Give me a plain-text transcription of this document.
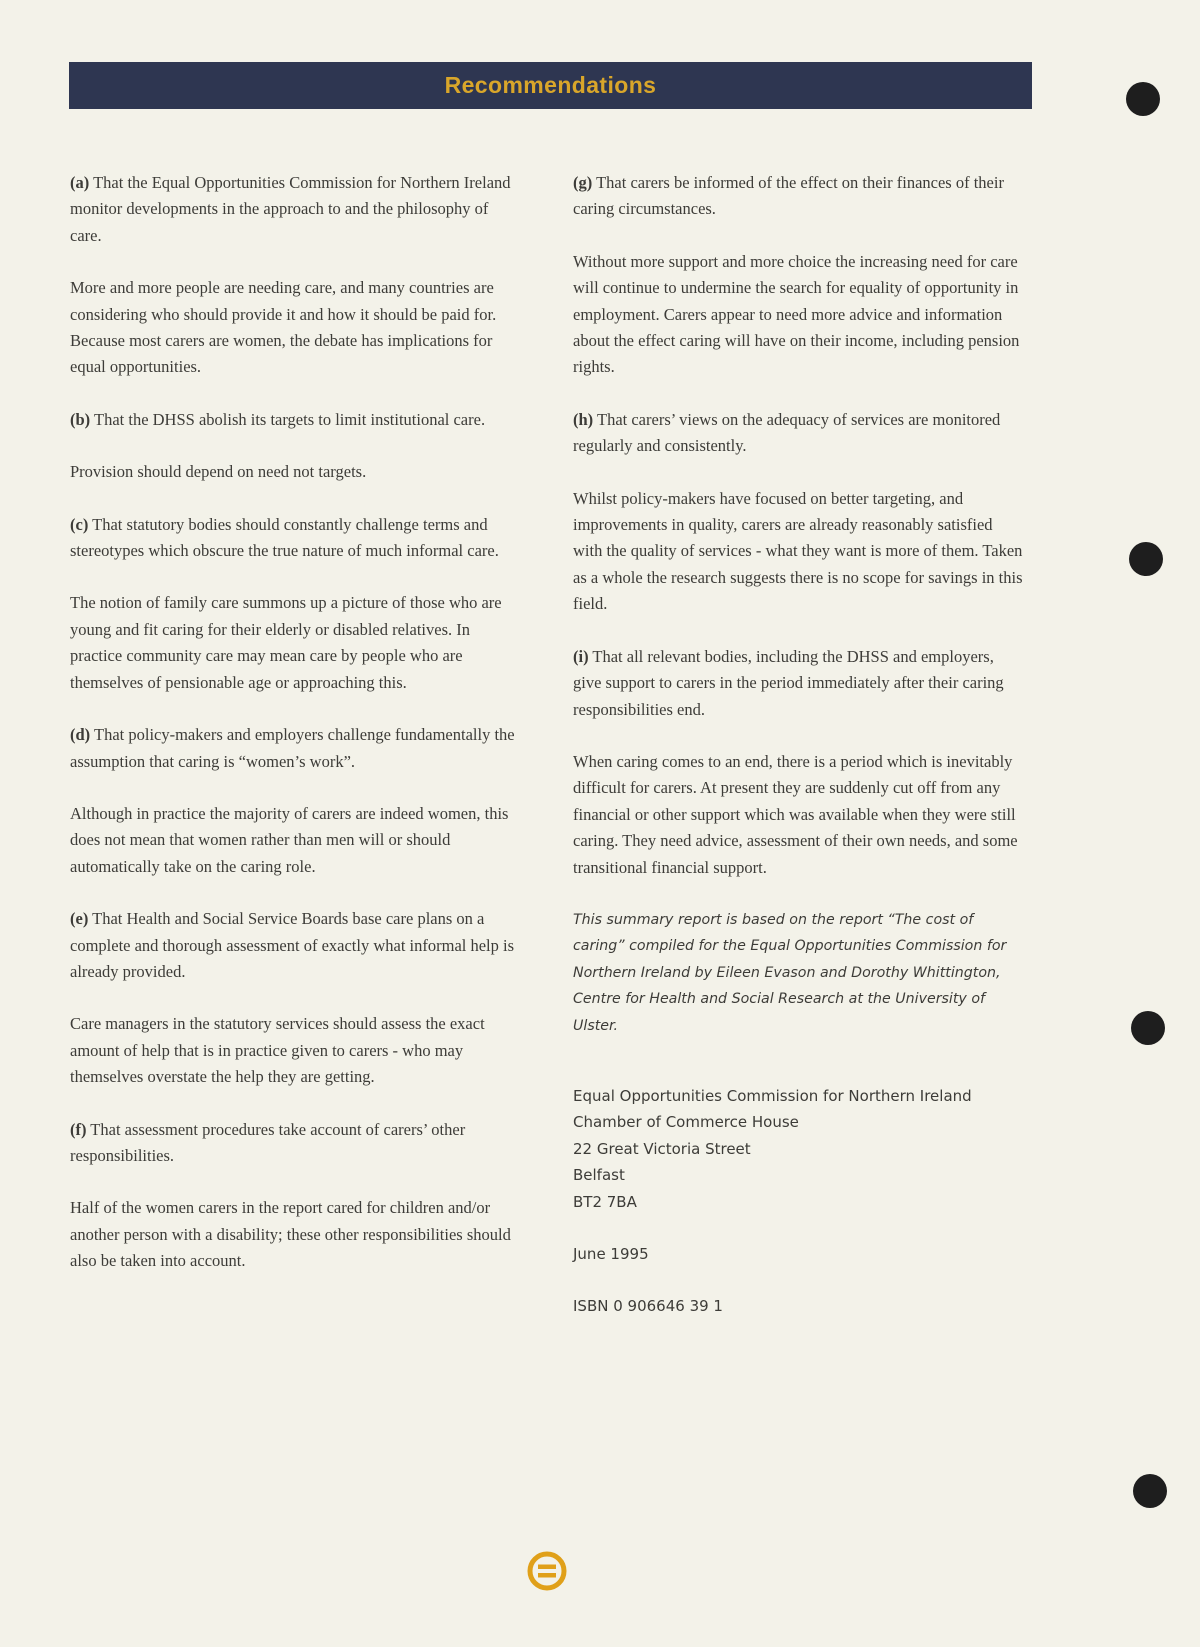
Recommendations

(a) That the Equal Opportunities Commission for Northern Ireland monitor developments in the approach to and the philosophy of care.

More and more people are needing care, and many countries are considering who should provide it and how it should be paid for. Because most carers are women, the debate has implications for equal opportunities.

(b) That the DHSS abolish its targets to limit institutional care.

Provision should depend on need not targets.

(c) That statutory bodies should constantly challenge terms and stereotypes which obscure the true nature of much informal care.

The notion of family care summons up a picture of those who are young and fit caring for their elderly or disabled relatives. In practice community care may mean care by people who are themselves of pensionable age or approaching this.

(d) That policy-makers and employers challenge fundamentally the assumption that caring is “women’s work”.

Although in practice the majority of carers are indeed women, this does not mean that women rather than men will or should automatically take on the caring role.

(e) That Health and Social Service Boards base care plans on a complete and thorough assessment of exactly what informal help is already provided.

Care managers in the statutory services should assess the exact amount of help that is in practice given to carers - who may themselves overstate the help they are getting.

(f) That assessment procedures take account of carers’ other responsibilities.

Half of the women carers in the report cared for children and/or another person with a disability; these other responsibilities should also be taken into account.

(g) That carers be informed of the effect on their finances of their caring circumstances.

Without more support and more choice the increasing need for care will continue to undermine the search for equality of opportunity in employment. Carers appear to need more advice and information about the effect caring will have on their income, including pension rights.

(h) That carers’ views on the adequacy of services are monitored regularly and consistently.

Whilst policy-makers have focused on better targeting, and improvements in quality, carers are already reasonably satisfied with the quality of services - what they want is more of them. Taken as a whole the research suggests there is no scope for savings in this field.

(i) That all relevant bodies, including the DHSS and employers, give support to carers in the period immediately after their caring responsibilities end.

When caring comes to an end, there is a period which is inevitably difficult for carers. At present they are suddenly cut off from any financial or other support which was available when they were still caring. They need advice, assessment of their own needs, and some transitional financial support.

This summary report is based on the report “The cost of caring” compiled for the Equal Opportunities Commission for Northern Ireland by Eileen Evason and Dorothy Whittington, Centre for Health and Social Research at the University of Ulster.

Equal Opportunities Commission for Northern Ireland
Chamber of Commerce House
22 Great Victoria Street
Belfast
BT2 7BA

June 1995

ISBN 0 906646 39 1
